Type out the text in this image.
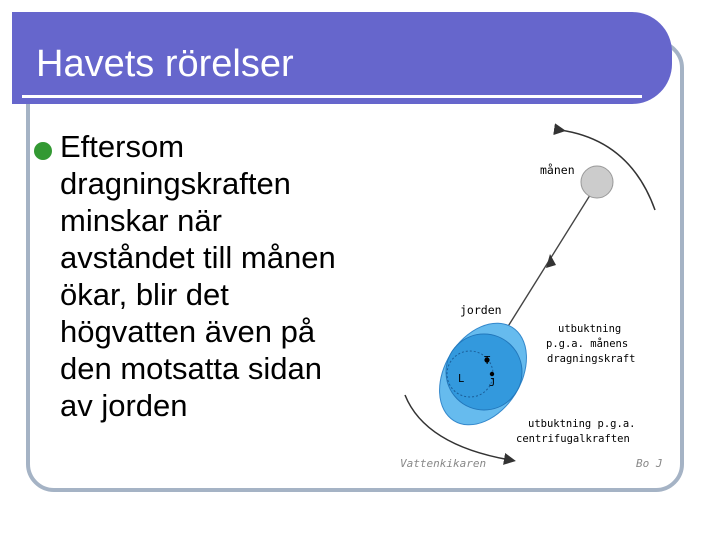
Havets rörelser
Eftersom
dragningskraften
minskar när
avståndet till månen
ökar, blir det
högvatten även på
den motsatta sidan
av jorden
T
J
L
månen
jorden
utbuktning
p.g.a. månens
dragningskraft
utbuktning p.g.a.
centrifugalkraften
Vattenkikaren	Bo J
